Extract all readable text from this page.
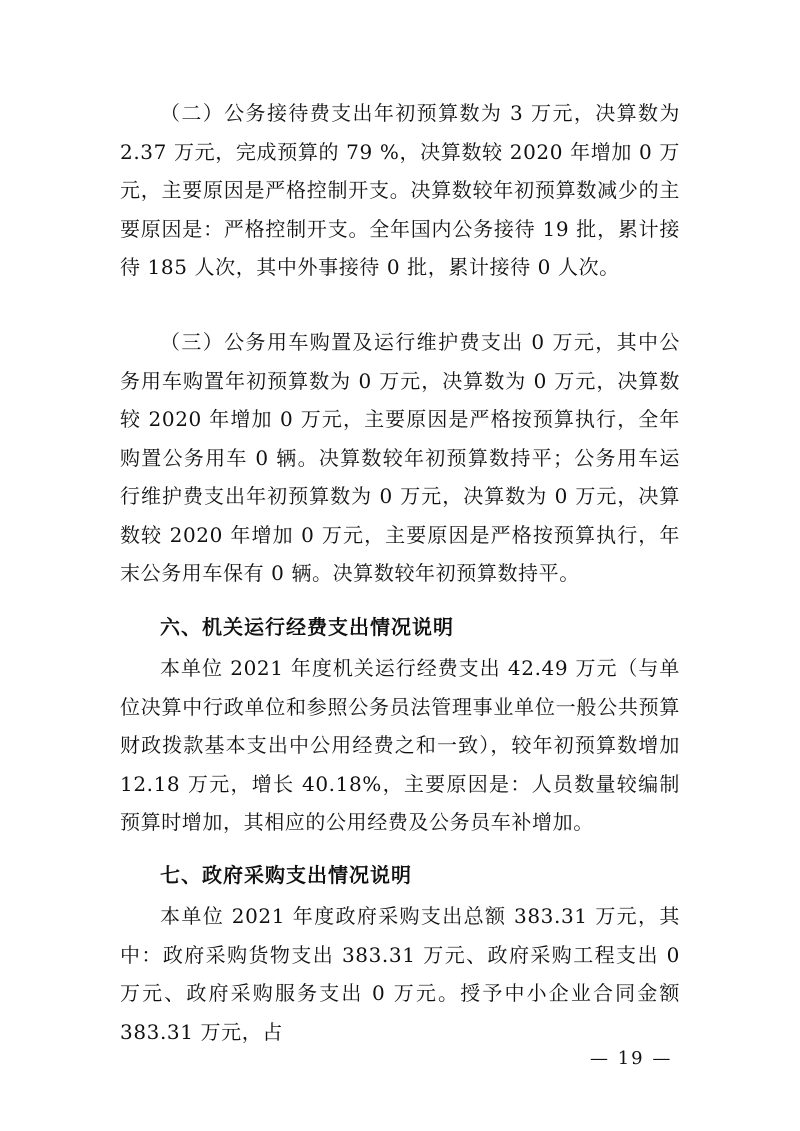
（二）公务接待费支出年初预算数为 3 万元，决算数为 2.37 万元，完成预算的 79 %，决算数较 2020 年增加 0 万元，主要原因是严格控制开支。决算数较年初预算数减少的主要原因是：严格控制开支。全年国内公务接待 19 批，累计接待 185 人次，其中外事接待 0 批，累计接待 0 人次。

（三）公务用车购置及运行维护费支出 0 万元，其中公务用车购置年初预算数为 0 万元，决算数为 0 万元，决算数较 2020 年增加 0 万元，主要原因是严格按预算执行，全年购置公务用车 0 辆。决算数较年初预算数持平；公务用车运行维护费支出年初预算数为 0 万元，决算数为 0 万元，决算数较 2020 年增加 0 万元，主要原因是严格按预算执行，年末公务用车保有 0 辆。决算数较年初预算数持平。

六、机关运行经费支出情况说明

本单位 2021 年度机关运行经费支出 42.49 万元（与单位决算中行政单位和参照公务员法管理事业单位一般公共预算财政拨款基本支出中公用经费之和一致），较年初预算数增加 12.18 万元，增长 40.18%，主要原因是：人员数量较编制预算时增加，其相应的公用经费及公务员车补增加。

七、政府采购支出情况说明

本单位 2021 年度政府采购支出总额 383.31 万元，其中：政府采购货物支出 383.31 万元、政府采购工程支出 0 万元、政府采购服务支出 0 万元。授予中小企业合同金额 383.31 万元，占

— 19 —
